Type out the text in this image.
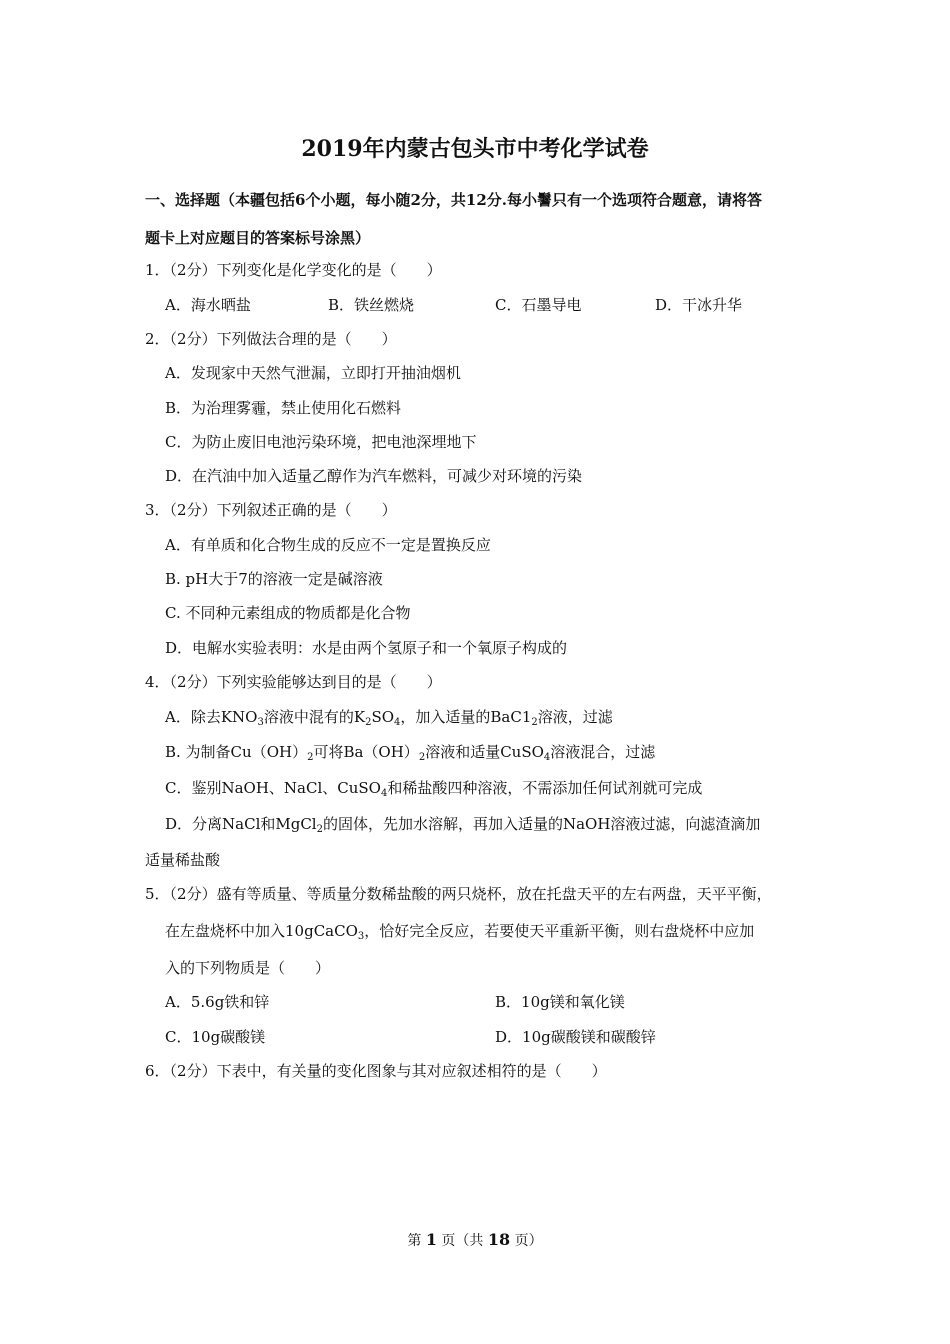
2019年内蒙古包头市中考化学试卷
一、选择题（本疆包括6个小题，每小随2分，共12分.每小鬐只有一个选项符合题意，请将答
题卡上对应题目的答案标号涂黑）
1．（2分）下列变化是化学变化的是（　　）
A．海水晒盐	B．铁丝燃烧	C．石墨导电	D．干冰升华
2．（2分）下列做法合理的是（　　）
A．发现家中天然气泄漏，立即打开抽油烟机
B．为治理雾霾，禁止使用化石燃料
C．为防止废旧电池污染环境，把电池深埋地下
D．在汽油中加入适量乙醇作为汽车燃料，可减少对环境的污染
3．（2分）下列叙述正确的是（　　）
A．有单质和化合物生成的反应不一定是置换反应
B. pH大于7的溶液一定是碱溶液
C. 不同种元素组成的物质都是化合物
D．电解水实验表明：水是由两个氢原子和一个氧原子构成的
4．（2分）下列实验能够达到目的是（　　）
A．除去$KNO_3$溶液中混有的$K_2SO_4$，加入适量的$BaC1_2$溶液，过滤
B. 为制备$Cu(OH)_2$可将$Ba(OH)_2$溶液和适量CuSO$_4$溶液混合，过滤
C．鉴别NaOH、NaCl、CuSO$_4$和稀盐酸四种溶液，不需添加任何试剂就可完成
D．分离NaCl和MgCl$_2$的固体，先加水溶解，再加入适量的NaOH溶液过滤，向滤渣滴加
适量稀盐酸
5．（2分）盛有等质量、等质量分数稀盐酸的两只烧杯，放在托盘天平的左右两盘，天平平衡，
在左盘烧杯中加入10gCaCO$_3$，恰好完全反应，若要使天平重新平衡，则右盘烧杯中应加
入的下列物质是（　　）
A．5.6g铁和锌	B．10g镁和氧化镁
C．10g碳酸镁	D．10g碳酸镁和碳酸锌
6．（2分）下表中，有关量的变化图象与其对应叙述相符的是（　　）
第 1 页（共 18 页）
